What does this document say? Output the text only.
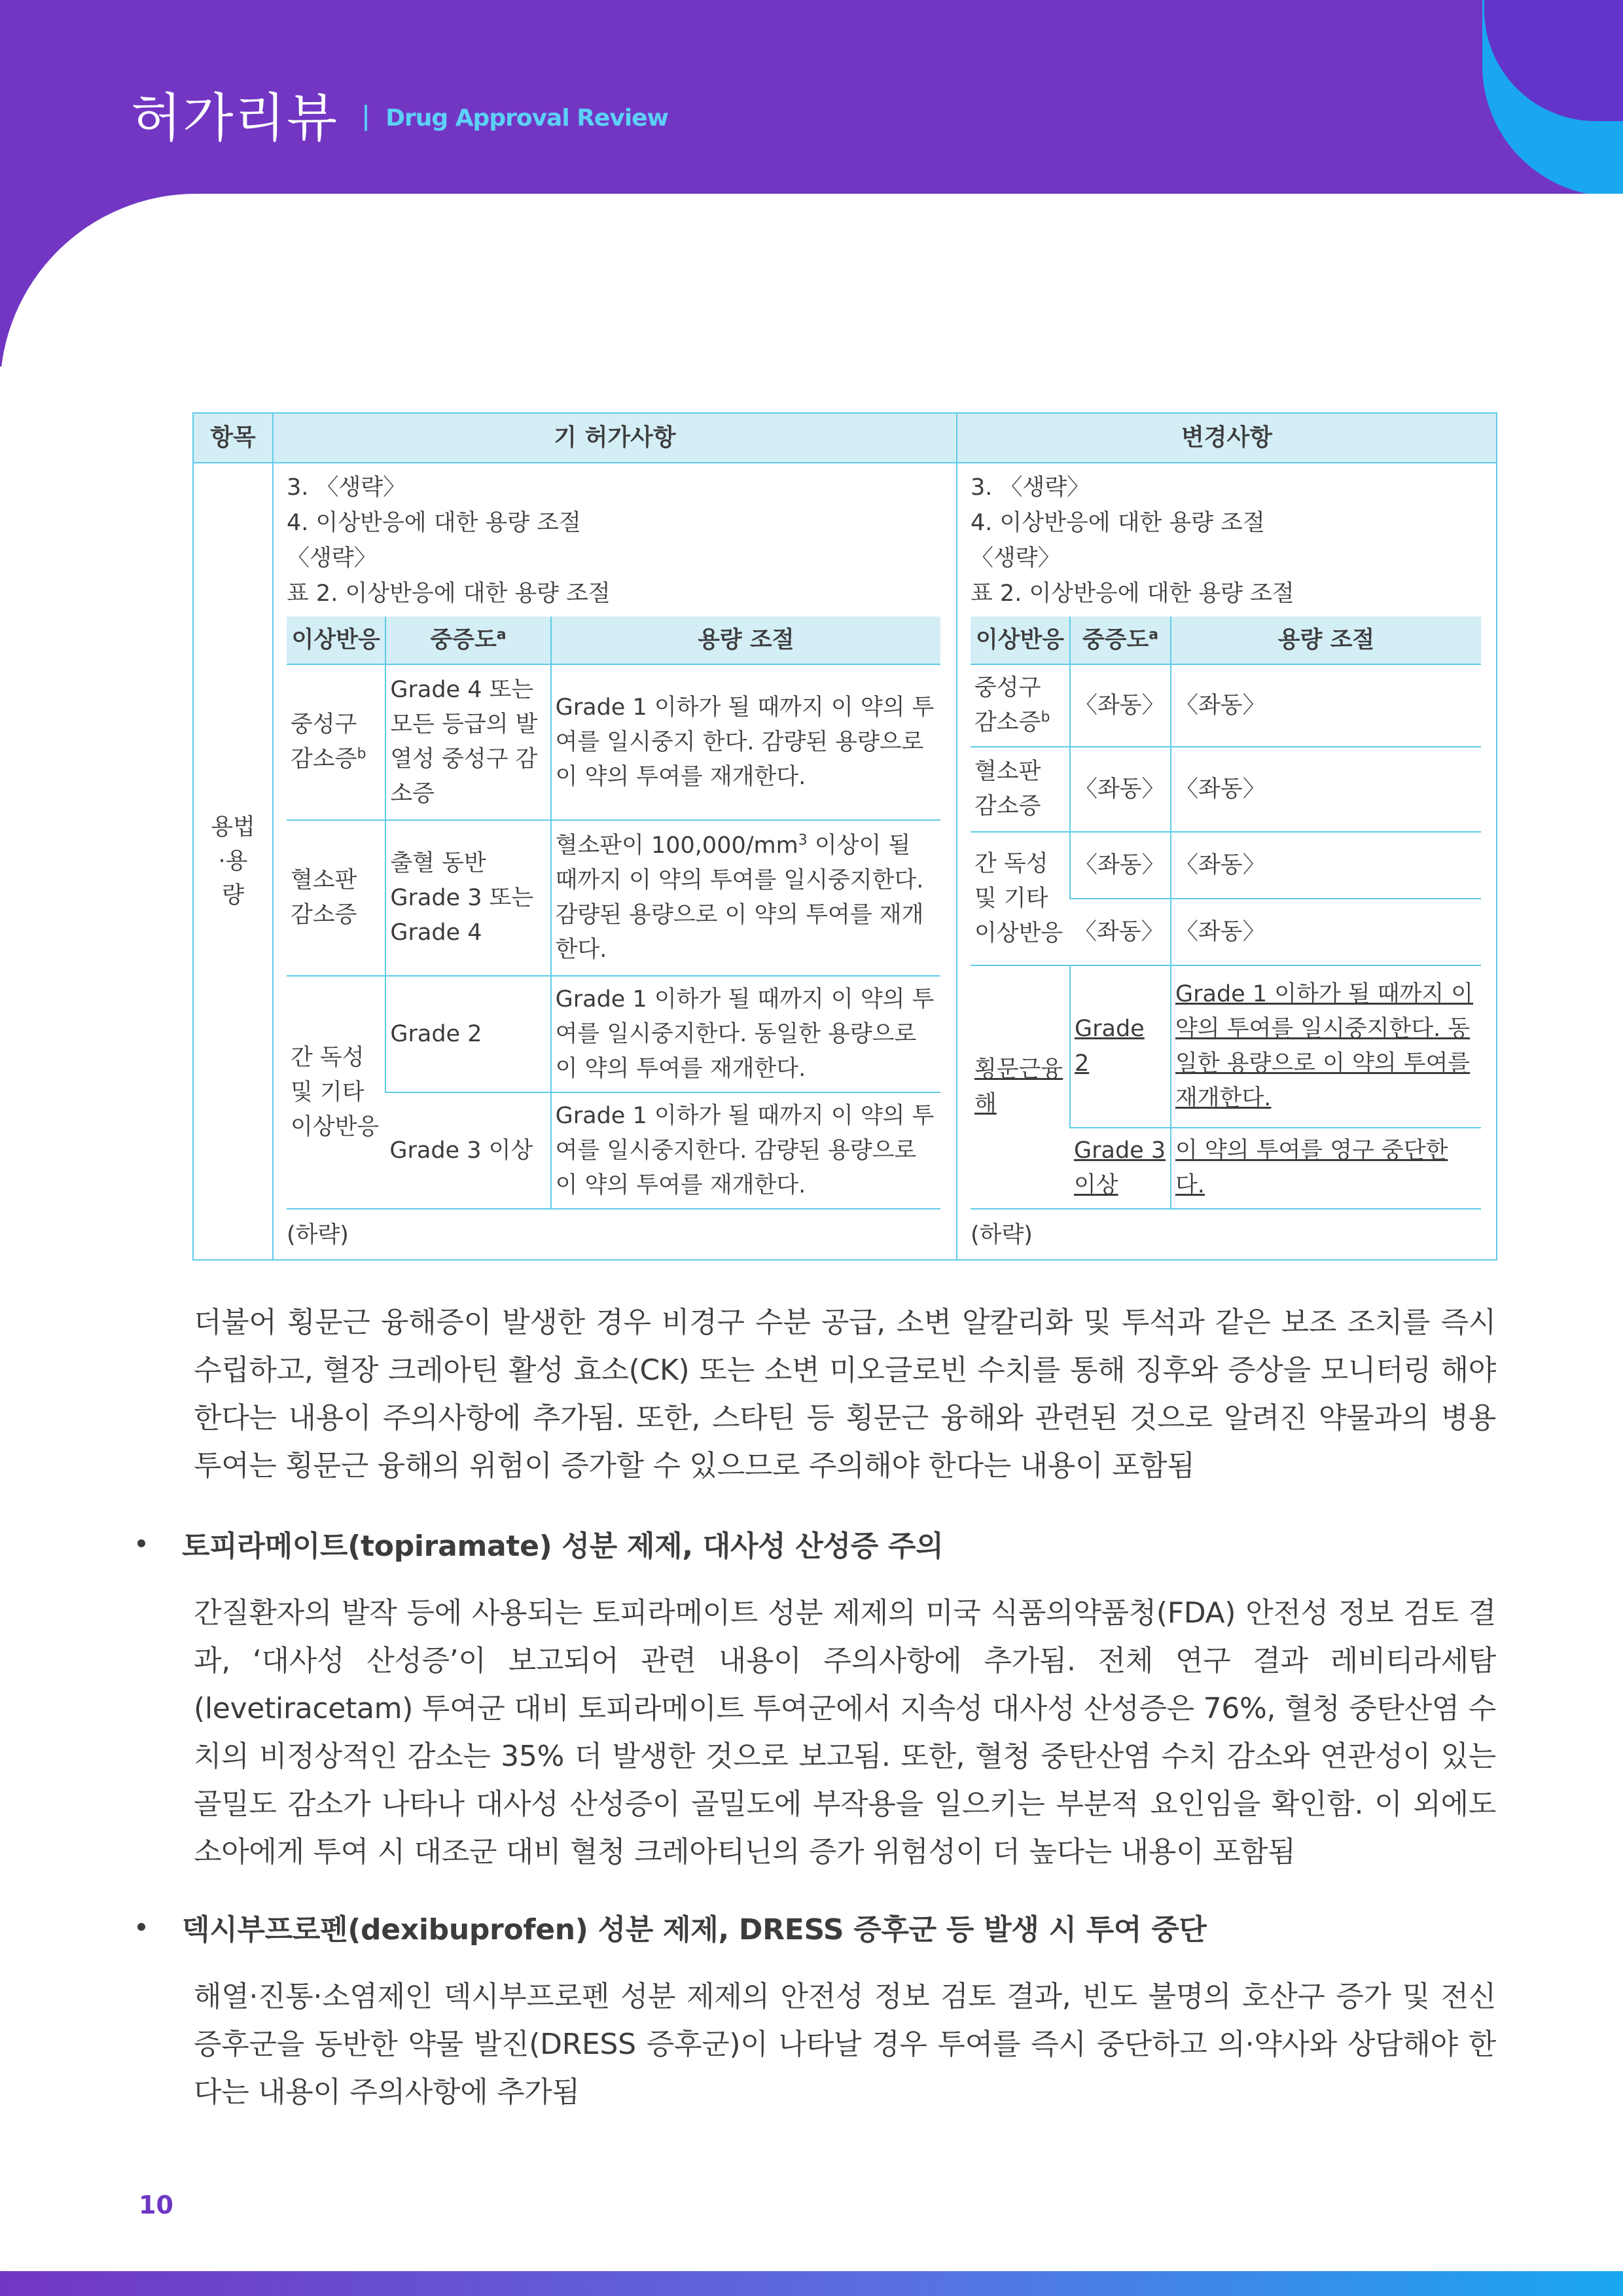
허가리뷰 Drug Approval Review
항목	기 허가사항	변경사항
용법·용량	
3. 〈생략〉
4. 이상반응에 대한 용량 조절
〈생략〉
표 2. 이상반응에 대한 용량 조절
이상반응	중증도$^a$	용량 조절
중성구 감소증$^b$	Grade 4 또는 모든 등급의 발열성 중성구 감소증	Grade 1 이하가 될 때까지 이 약의 투여를 일시중지 한다. 감량된 용량으로 이 약의 투여를 재개한다.
혈소판 감소증	출혈 동반 Grade 3 또는 Grade 4	혈소판이 $100,000/mm^3$ 이상이 될 때까지 이 약의 투여를 일시중지한다. 감량된 용량으로 이 약의 투여를 재개한다.
간 독성 및 기타 이상반응	Grade 2	Grade 1 이하가 될 때까지 이 약의 투여를 일시중지한다. 동일한 용량으로 이 약의 투여를 재개한다.
Grade 3 이상	Grade 1 이하가 될 때까지 이 약의 투여를 일시중지한다. 감량된 용량으로 이 약의 투여를 재개한다.
(하략)

3. 〈생략〉
4. 이상반응에 대한 용량 조절
〈생략〉
표 2. 이상반응에 대한 용량 조절
이상반응	중증도$^a$	용량 조절
중성구 감소증$^b$	〈좌동〉	〈좌동〉
혈소판 감소증	〈좌동〉	〈좌동〉
간 독성 및 기타 이상반응	〈좌동〉	〈좌동〉
〈좌동〉	〈좌동〉
횡문근융해	Grade 2	Grade 1 이하가 될 때까지 이 약의 투여를 일시중지한다. 동일한 용량으로 이 약의 투여를 재개한다.
Grade 3 이상	이 약의 투여를 영구 중단한다.
(하략)
더불어 횡문근 융해증이 발생한 경우 비경구 수분 공급, 소변 알칼리화 및 투석과 같은 보조 조치를 즉시 수립하고, 혈장 크레아틴 활성 효소(CK) 또는 소변 미오글로빈 수치를 통해 징후와 증상을 모니터링 해야 한다는 내용이 주의사항에 추가됨. 또한, 스타틴 등 횡문근 융해와 관련된 것으로 알려진 약물과의 병용 투여는 횡문근 융해의 위험이 증가할 수 있으므로 주의해야 한다는 내용이 포함됨
토피라메이트(topiramate) 성분 제제, 대사성 산성증 주의
간질환자의 발작 등에 사용되는 토피라메이트 성분 제제의 미국 식품의약품청(FDA) 안전성 정보 검토 결과, ‘대사성 산성증’이 보고되어 관련 내용이 주의사항에 추가됨. 전체 연구 결과 레비티라세탐(levetiracetam) 투여군 대비 토피라메이트 투여군에서 지속성 대사성 산성증은 76%, 혈청 중탄산염 수치의 비정상적인 감소는 35% 더 발생한 것으로 보고됨. 또한, 혈청 중탄산염 수치 감소와 연관성이 있는 골밀도 감소가 나타나 대사성 산성증이 골밀도에 부작용을 일으키는 부분적 요인임을 확인함. 이 외에도 소아에게 투여 시 대조군 대비 혈청 크레아티닌의 증가 위험성이 더 높다는 내용이 포함됨
덱시부프로펜(dexibuprofen) 성분 제제, DRESS 증후군 등 발생 시 투여 중단
해열·진통·소염제인 덱시부프로펜 성분 제제의 안전성 정보 검토 결과, 빈도 불명의 호산구 증가 및 전신 증후군을 동반한 약물 발진(DRESS 증후군)이 나타날 경우 투여를 즉시 중단하고 의·약사와 상담해야 한다는 내용이 주의사항에 추가됨
10
